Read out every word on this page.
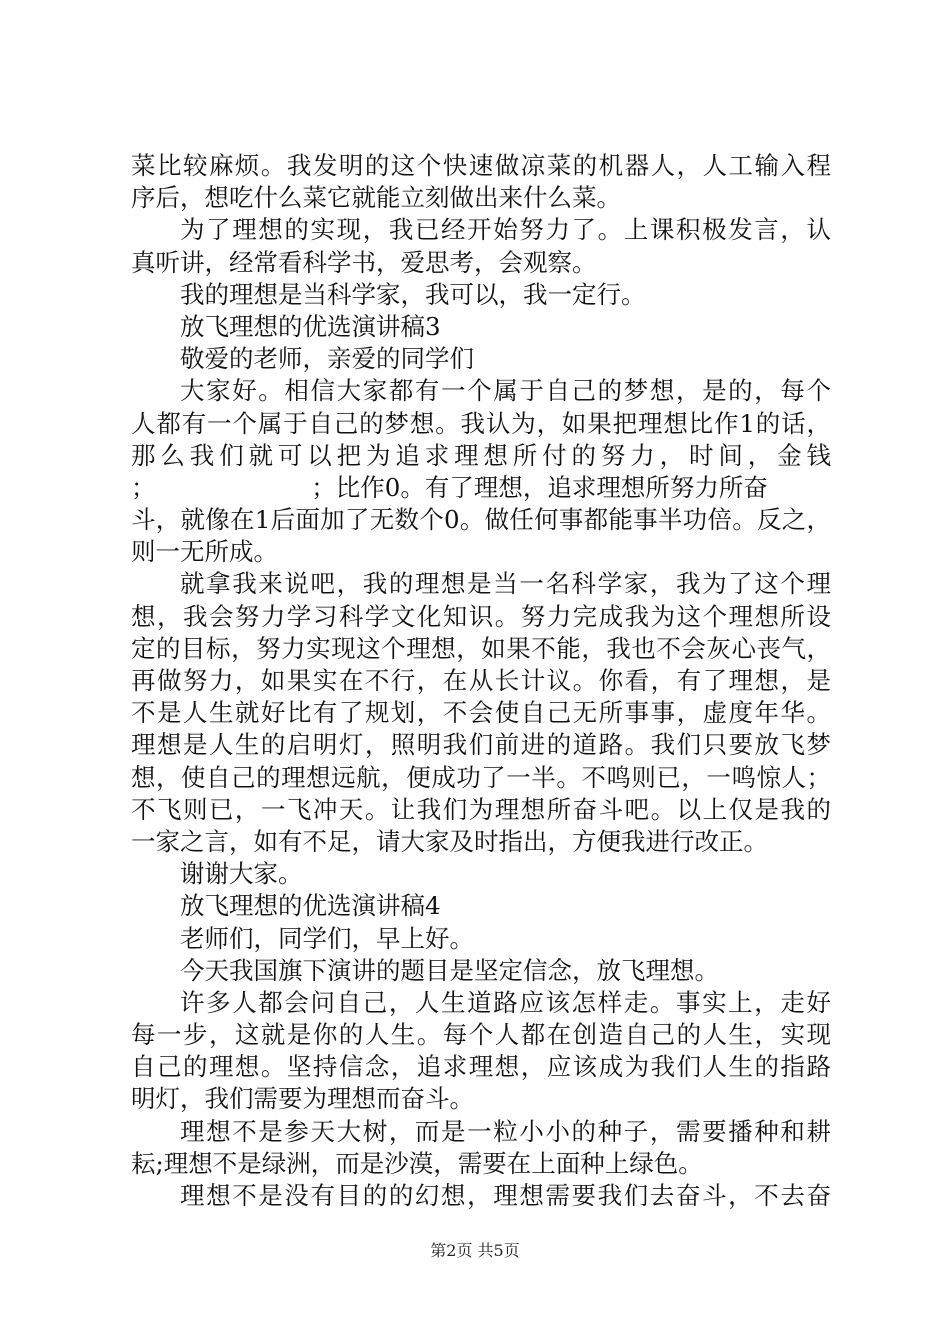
菜比较麻烦。我发明的这个快速做凉菜的机器人，人工输入程
序后，想吃什么菜它就能立刻做出来什么菜。
为了理想的实现，我已经开始努力了。上课积极发言，认
真听讲，经常看科学书，爱思考，会观察。
我的理想是当科学家，我可以，我一定行。
放飞理想的优选演讲稿3
敬爱的老师，亲爱的同学们
大家好。相信大家都有一个属于自己的梦想，是的，每个
人都有一个属于自己的梦想。我认为，如果把理想比作1的话，
那么我们就可以把为追求理想所付的努力，时间，金钱
；                    ；比作0。有了理想，追求理想所努力所奋
斗，就像在1后面加了无数个0。做任何事都能事半功倍。反之，
则一无所成。
就拿我来说吧，我的理想是当一名科学家，我为了这个理
想，我会努力学习科学文化知识。努力完成我为这个理想所设
定的目标，努力实现这个理想，如果不能，我也不会灰心丧气，
再做努力，如果实在不行，在从长计议。你看，有了理想，是
不是人生就好比有了规划，不会使自己无所事事，虚度年华。
理想是人生的启明灯，照明我们前进的道路。我们只要放飞梦
想，使自己的理想远航，便成功了一半。不鸣则已，一鸣惊人；
不飞则已，一飞冲天。让我们为理想所奋斗吧。以上仅是我的
一家之言，如有不足，请大家及时指出，方便我进行改正。
谢谢大家。
放飞理想的优选演讲稿4
老师们，同学们，早上好。
今天我国旗下演讲的题目是坚定信念，放飞理想。
许多人都会问自己，人生道路应该怎样走。事实上，走好
每一步，这就是你的人生。每个人都在创造自己的人生，实现
自己的理想。坚持信念，追求理想，应该成为我们人生的指路
明灯，我们需要为理想而奋斗。
理想不是参天大树，而是一粒小小的种子，需要播种和耕
耘;理想不是绿洲，而是沙漠，需要在上面种上绿色。
理想不是没有目的的幻想，理想需要我们去奋斗，不去奋
第2页 共5页
